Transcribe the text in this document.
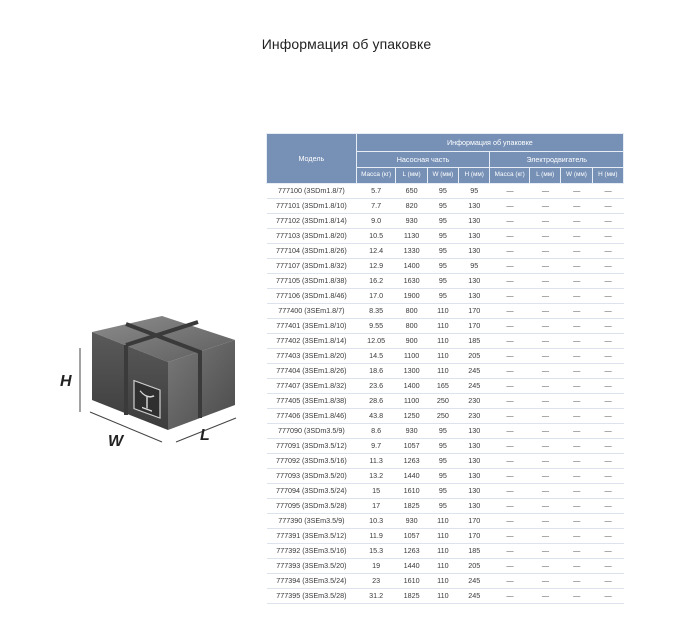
Информация об упаковке
H
W	L
Модель	Информация об упаковке							
	Насосная часть				Электродвигатель			
	Масса (кг)	L (мм)	W (мм)	H (мм)	Масса (кг)	L (мм)	W (мм)	H (мм)
777100 (3SDm1.8/7)	5.7	650	95	95	—	—	—	—
777101 (3SDm1.8/10)	7.7	820	95	130	—	—	—	—
777102 (3SDm1.8/14)	9.0	930	95	130	—	—	—	—
777103 (3SDm1.8/20)	10.5	1130	95	130	—	—	—	—
777104 (3SDm1.8/26)	12.4	1330	95	130	—	—	—	—
777107 (3SDm1.8/32)	12.9	1400	95	95	—	—	—	—
777105 (3SDm1.8/38)	16.2	1630	95	130	—	—	—	—
777106 (3SDm1.8/46)	17.0	1900	95	130	—	—	—	—
777400 (3SEm1.8/7)	8.35	800	110	170	—	—	—	—
777401 (3SEm1.8/10)	9.55	800	110	170	—	—	—	—
777402 (3SEm1.8/14)	12.05	900	110	185	—	—	—	—
777403 (3SEm1.8/20)	14.5	1100	110	205	—	—	—	—
777404 (3SEm1.8/26)	18.6	1300	110	245	—	—	—	—
777407 (3SEm1.8/32)	23.6	1400	165	245	—	—	—	—
777405 (3SEm1.8/38)	28.6	1100	250	230	—	—	—	—
777406 (3SEm1.8/46)	43.8	1250	250	230	—	—	—	—
777090 (3SDm3.5/9)	8.6	930	95	130	—	—	—	—
777091 (3SDm3.5/12)	9.7	1057	95	130	—	—	—	—
777092 (3SDm3.5/16)	11.3	1263	95	130	—	—	—	—
777093 (3SDm3.5/20)	13.2	1440	95	130	—	—	—	—
777094 (3SDm3.5/24)	15	1610	95	130	—	—	—	—
777095 (3SDm3.5/28)	17	1825	95	130	—	—	—	—
777390 (3SEm3.5/9)	10.3	930	110	170	—	—	—	—
777391 (3SEm3.5/12)	11.9	1057	110	170	—	—	—	—
777392 (3SEm3.5/16)	15.3	1263	110	185	—	—	—	—
777393 (3SEm3.5/20)	19	1440	110	205	—	—	—	—
777394 (3SEm3.5/24)	23	1610	110	245	—	—	—	—
777395 (3SEm3.5/28)	31.2	1825	110	245	—	—	—	—
